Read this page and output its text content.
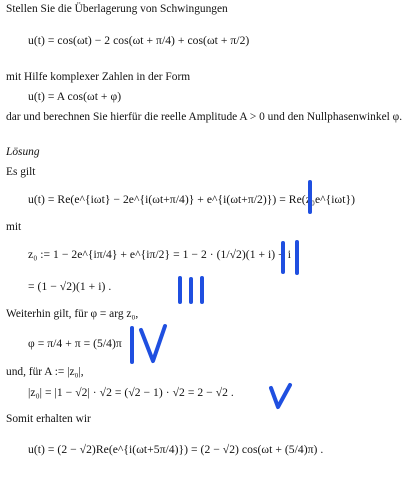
Stellen Sie die Überlagerung von Schwingungen
mit Hilfe komplexer Zahlen in der Form
dar und berechnen Sie hierfür die reelle Amplitude A > 0 und den Nullphasenwinkel φ.
Lösung
Es gilt
mit
Weiterhin gilt, für φ = arg z₀,
und, für A := |z₀|,
Somit erhalten wir
u(t) = cos(ωt) − 2 cos(ωt + π/4) + cos(ωt + π/2)
u(t) = A cos(ωt + φ)
u(t) = Re(e^{iωt} − 2e^{i(ωt+π/4)} + e^{i(ωt+π/2)}) = Re(z₀e^{iωt})
z₀ := 1 − 2e^{iπ/4} + e^{iπ/2} = 1 − 2 · (1/√2)(1 + i) + i
= (1 − √2)(1 + i) .
φ = π/4 + π = (5/4)π
|z₀| = |1 − √2| · √2 = (√2 − 1) · √2 = 2 − √2 .
u(t) = (2 − √2)Re(e^{i(ωt+5π/4)}) = (2 − √2) cos(ωt + (5/4)π) .
